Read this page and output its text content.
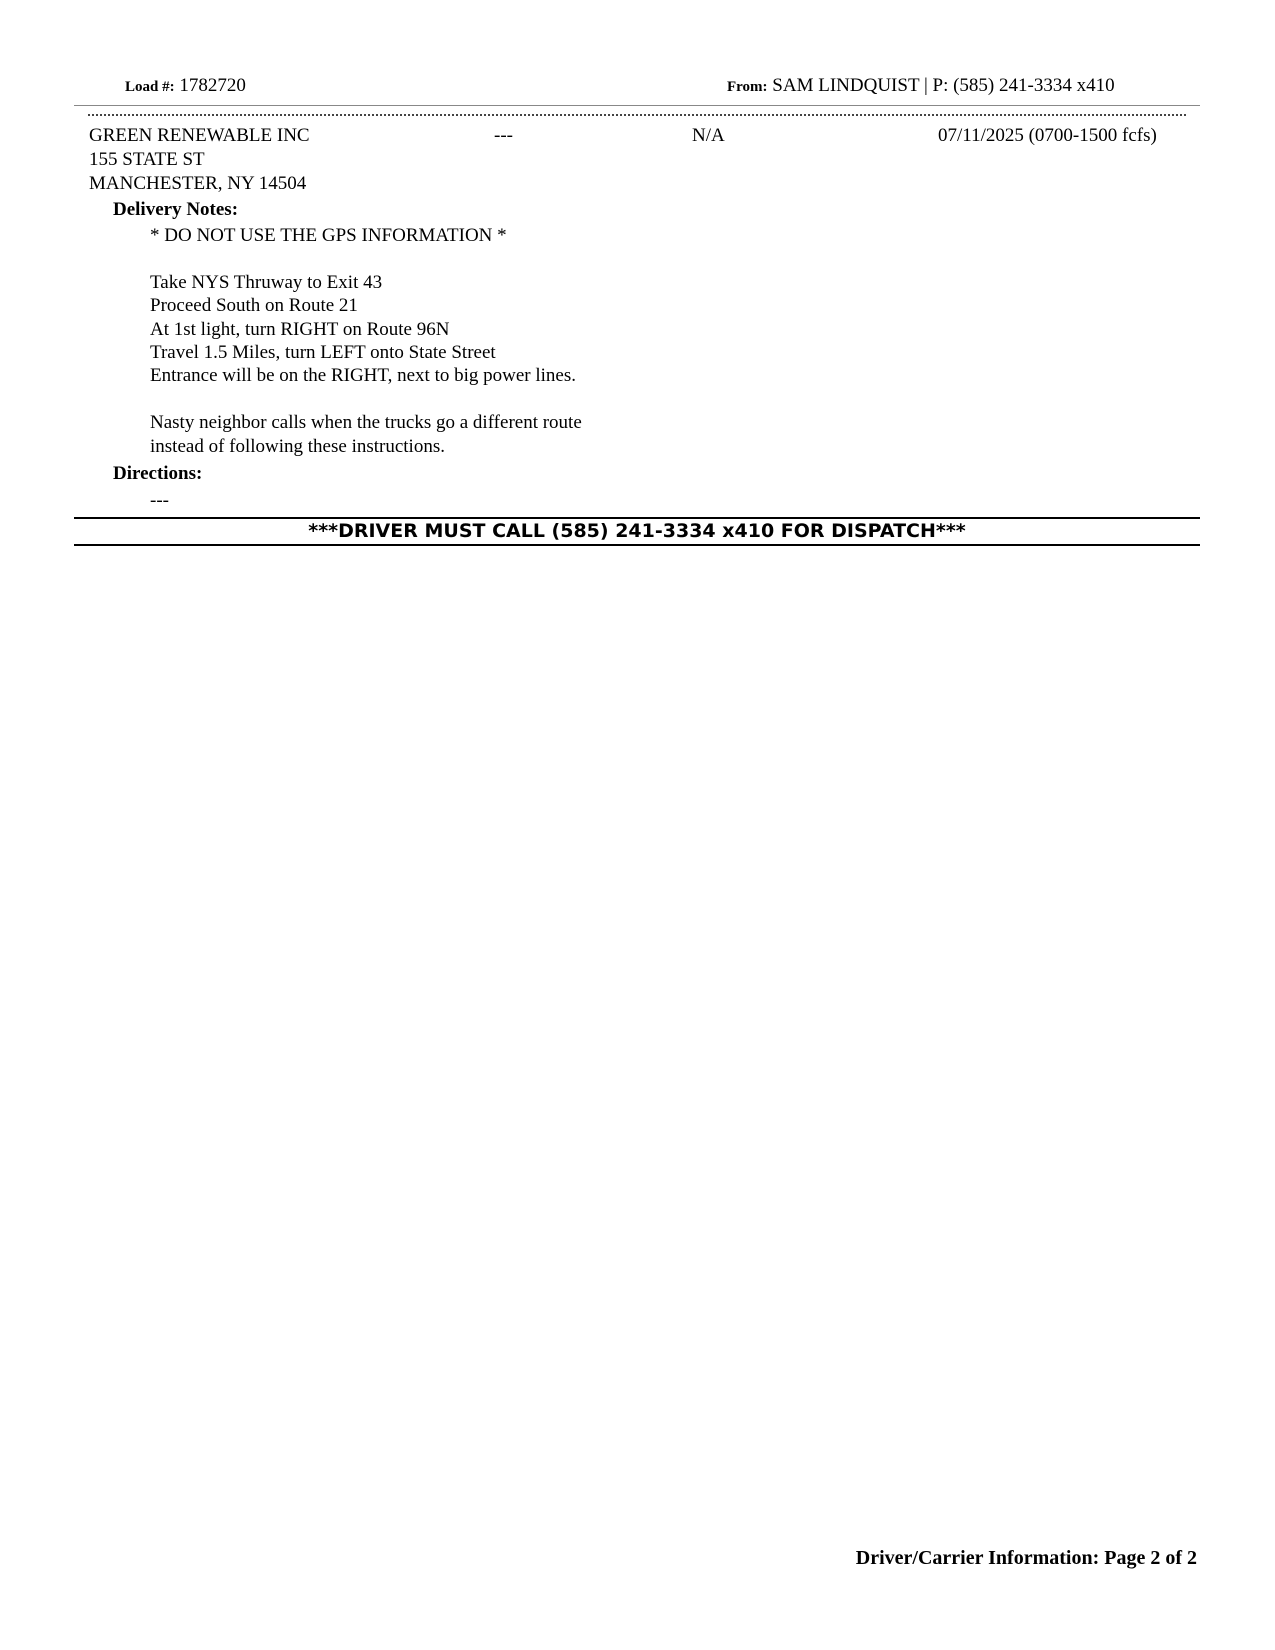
Load #: 1782720	From: SAM LINDQUIST | P: (585) 241-3334 x410
GREEN RENEWABLE INC
155 STATE ST
MANCHESTER, NY 14504
---	N/A	07/11/2025 (0700-1500 fcfs)
Delivery Notes:
* DO NOT USE THE GPS INFORMATION *
Take NYS Thruway to Exit 43
Proceed South on Route 21
At 1st light, turn RIGHT on Route 96N
Travel 1.5 Miles, turn LEFT onto State Street
Entrance will be on the RIGHT, next to big power lines.
Nasty neighbor calls when the trucks go a different route
instead of following these instructions.
Directions:
---
***DRIVER MUST CALL (585) 241-3334 x410 FOR DISPATCH***
Driver/Carrier Information: Page 2 of 2
